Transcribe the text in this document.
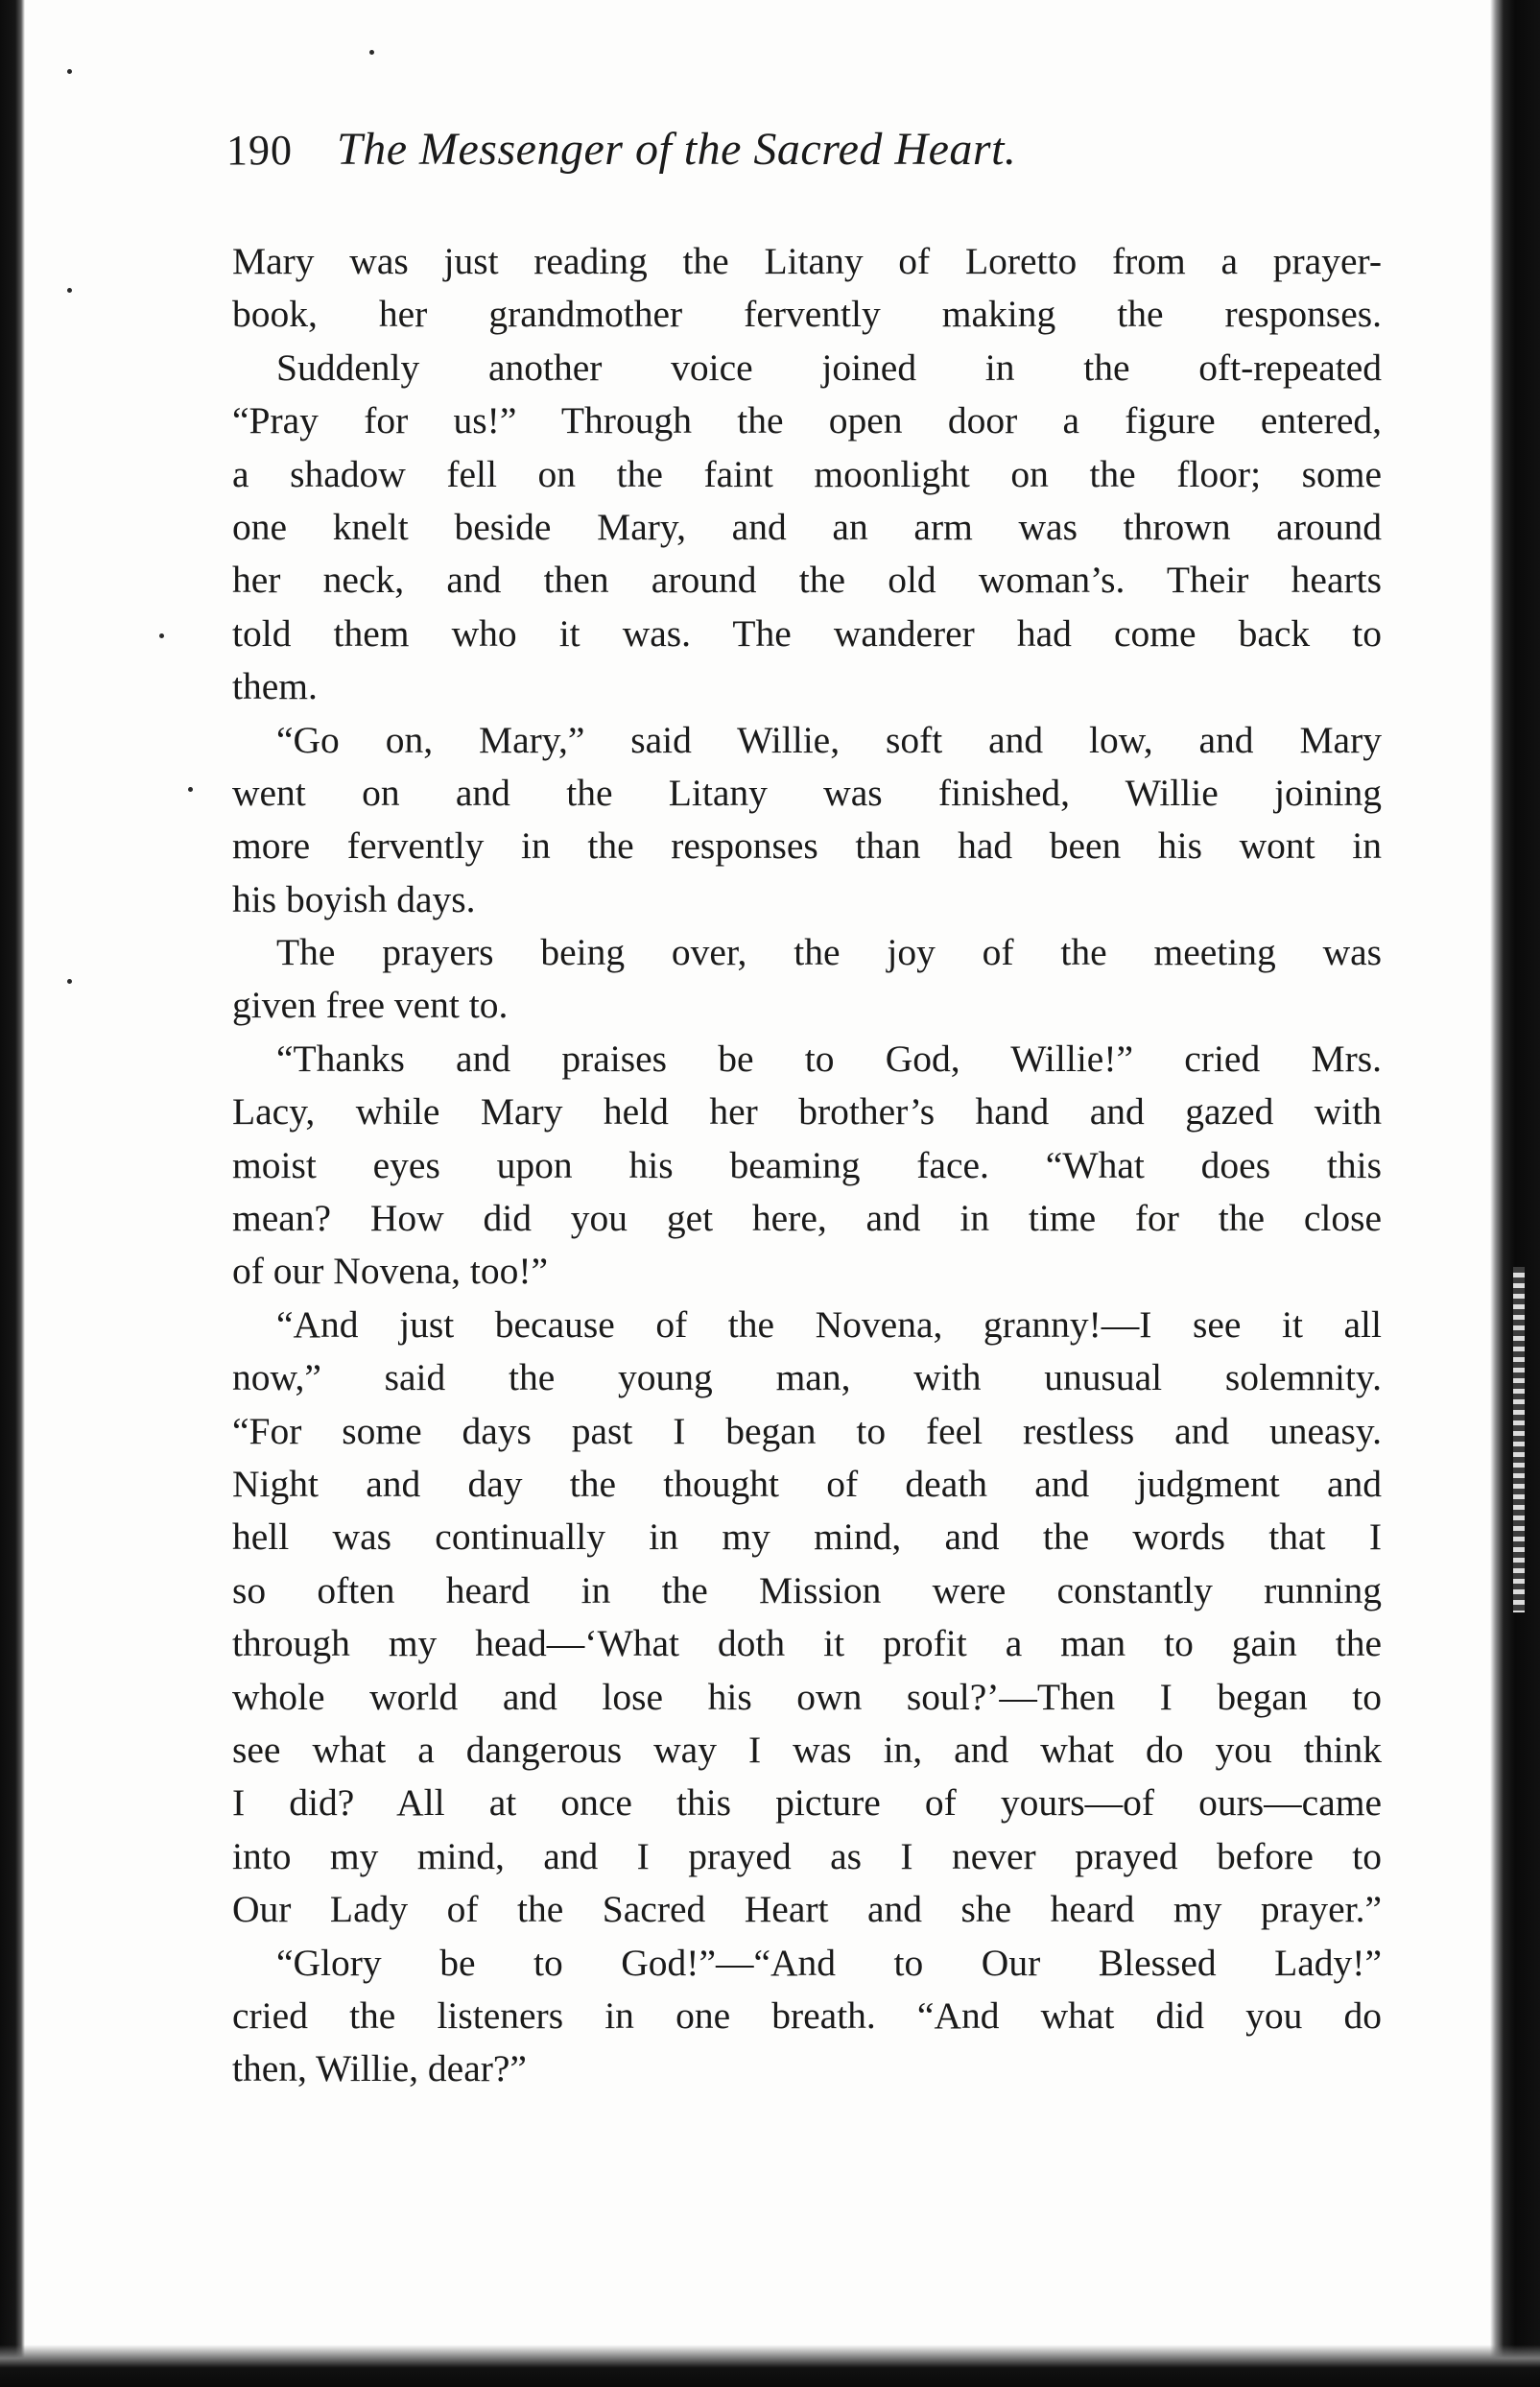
190 The Messenger of the Sacred Heart.
Mary was just reading the Litany of Loretto from a prayer-
book, her grandmother fervently making the responses.
Suddenly another voice joined in the oft-repeated
“Pray for us!” Through the open door a figure entered,
a shadow fell on the faint moonlight on the floor; some
one knelt beside Mary, and an arm was thrown around
her neck, and then around the old woman’s. Their hearts
told them who it was. The wanderer had come back to
them.
“Go on, Mary,” said Willie, soft and low, and Mary
went on and the Litany was finished, Willie joining
more fervently in the responses than had been his wont in
his boyish days.
The prayers being over, the joy of the meeting was
given free vent to.
“Thanks and praises be to God, Willie!” cried Mrs.
Lacy, while Mary held her brother’s hand and gazed with
moist eyes upon his beaming face. “What does this
mean? How did you get here, and in time for the close
of our Novena, too!”
“And just because of the Novena, granny!—I see it all
now,” said the young man, with unusual solemnity.
“For some days past I began to feel restless and uneasy.
Night and day the thought of death and judgment and
hell was continually in my mind, and the words that I
so often heard in the Mission were constantly running
through my head—‘What doth it profit a man to gain the
whole world and lose his own soul?’—Then I began to
see what a dangerous way I was in, and what do you think
I did? All at once this picture of yours—of ours—came
into my mind, and I prayed as I never prayed before to
Our Lady of the Sacred Heart and she heard my prayer.”
“Glory be to God!”—“And to Our Blessed Lady!”
cried the listeners in one breath. “And what did you do
then, Willie, dear?”
